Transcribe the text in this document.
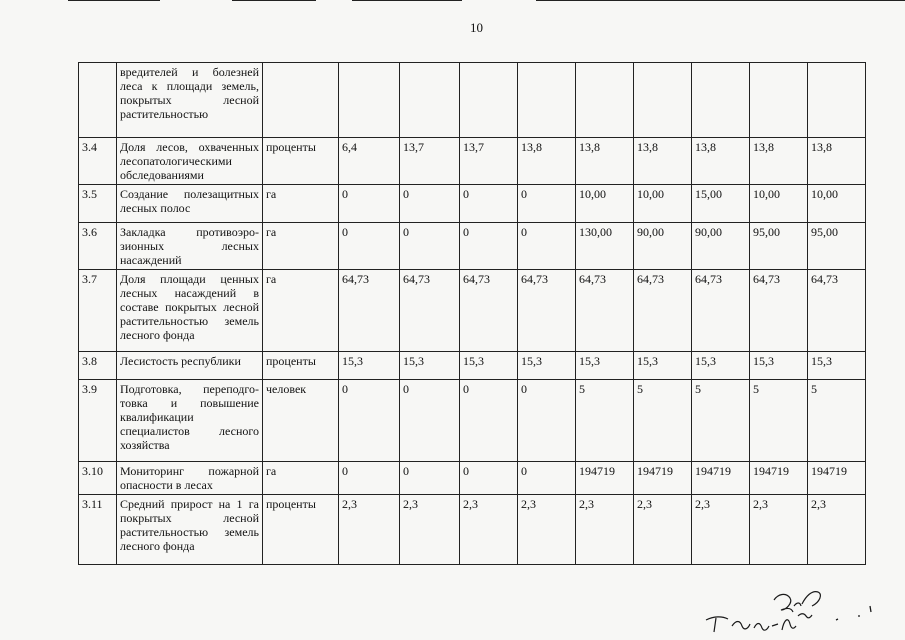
10
	вредителей и болезней леса к площади земель, покрытых лесной растительностью										
3.4	Доля лесов, охваченных лесопатологическими обследованиями	проценты	6,4	13,7	13,7	13,8	13,8	13,8	13,8	13,8	13,8
3.5	Создание полезащитных лесных полос	га	0	0	0	0	10,00	10,00	15,00	10,00	10,00
3.6	Закладка противоэро-зионных лесных насаждений	га	0	0	0	0	130,00	90,00	90,00	95,00	95,00
3.7	Доля площади ценных лесных насаждений в составе покрытых лесной растительностью земель лесного фонда	га	64,73	64,73	64,73	64,73	64,73	64,73	64,73	64,73	64,73
3.8	Лесистость республики	проценты	15,3	15,3	15,3	15,3	15,3	15,3	15,3	15,3	15,3
3.9	Подготовка, переподго-товка и повышение квалификации специалистов лесного хозяйства	человек	0	0	0	0	5	5	5	5	5
3.10	Мониторинг пожарной опасности в лесах	га	0	0	0	0	194719	194719	194719	194719	194719
3.11	Средний прирост на 1 га покрытых лесной растительностью земель лесного фонда	проценты	2,3	2,3	2,3	2,3	2,3	2,3	2,3	2,3	2,3
